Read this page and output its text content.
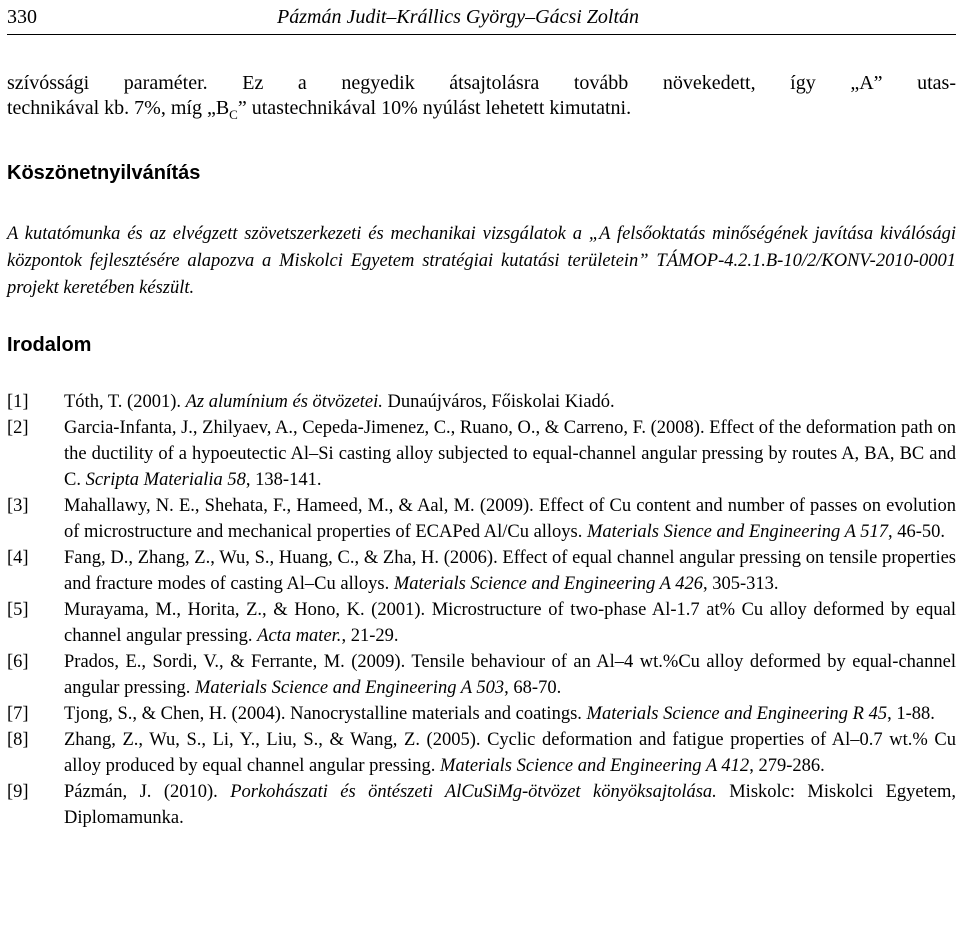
330	Pázmán Judit–Krállics György–Gácsi Zoltán
szívóssági paraméter. Ez a negyedik átsajtolásra tovább növekedett, így „A” utas-
technikával kb. 7%, míg $„B_C$” utastechnikával 10% nyúlást lehetett kimutatni.
Köszönetnyilvánítás
A kutatómunka és az elvégzett szövetszerkezeti és mechanikai vizsgálatok a „A felsőoktatás minőségének javítása kiválósági központok fejlesztésére alapozva a Miskolci Egyetem stratégiai kutatási területein” TÁMOP-4.2.1.B-10/2/KONV-2010-0001 projekt keretében készült.
Irodalom
[1] Tóth, T. (2001). Az alumínium és ötvözetei. Dunaújváros, Főiskolai Kiadó.
[2] Garcia-Infanta, J., Zhilyaev, A., Cepeda-Jimenez, C., Ruano, O., & Carreno, F. (2008). Effect of the deformation path on the ductility of a hypoeutectic Al–Si casting alloy subjected to equal-channel angular pressing by routes A, BA, BC and C. Scripta Materialia 58, 138-141.
[3] Mahallawy, N. E., Shehata, F., Hameed, M., & Aal, M. (2009). Effect of Cu content and number of passes on evolution of microstructure and mechanical properties of ECAPed Al/Cu alloys. Materials Sience and Engineering A 517, 46-50.
[4] Fang, D., Zhang, Z., Wu, S., Huang, C., & Zha, H. (2006). Effect of equal channel angular pressing on tensile properties and fracture modes of casting Al–Cu alloys. Materials Science and Engineering A 426, 305-313.
[5] Murayama, M., Horita, Z., & Hono, K. (2001). Microstructure of two-phase Al-1.7 at% Cu alloy deformed by equal channel angular pressing. Acta mater., 21-29.
[6] Prados, E., Sordi, V., & Ferrante, M. (2009). Tensile behaviour of an Al–4 wt.%Cu alloy deformed by equal-channel angular pressing. Materials Science and Engineering A 503, 68-70.
[7] Tjong, S., & Chen, H. (2004). Nanocrystalline materials and coatings. Materials Science and Engineering R 45, 1-88.
[8] Zhang, Z., Wu, S., Li, Y., Liu, S., & Wang, Z. (2005). Cyclic deformation and fatigue properties of Al–0.7 wt.% Cu alloy produced by equal channel angular pressing. Materials Science and Engineering A 412, 279-286.
[9] Pázmán, J. (2010). Porkohászati és öntészeti AlCuSiMg-ötvözet könyöksajtolása. Miskolc: Miskolci Egyetem, Diplomamunka.
